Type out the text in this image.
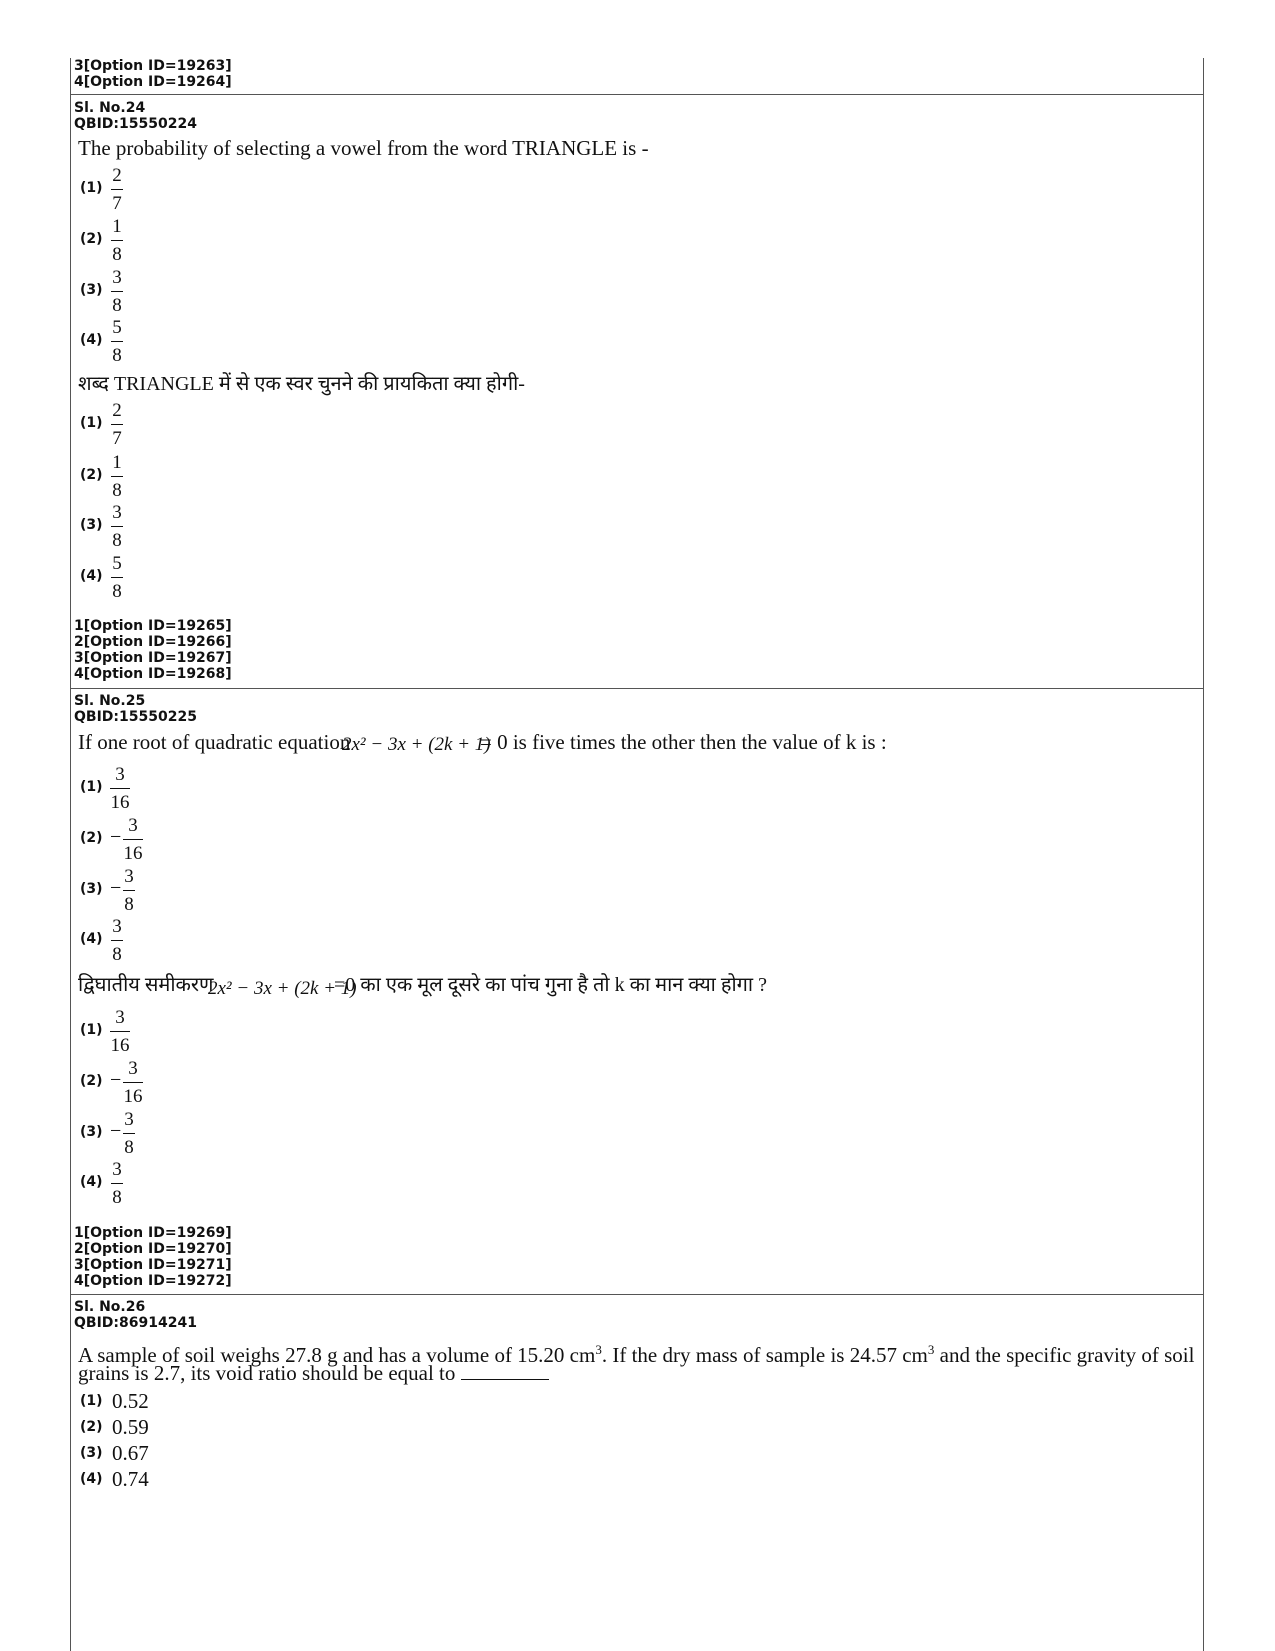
3[Option ID=19263]
4[Option ID=19264]
Sl. No.24
QBID:15550224
The probability of selecting a vowel from the word TRIANGLE is -
(1)
2
7
(2)
1
8
(3)
3
8
(4)
5
8
शब्द TRIANGLE में से एक स्वर चुनने की प्रायकिता क्या होगी-
(1)
2
7
(2)
1
8
(3)
3
8
(4)
5
8
1[Option ID=19265]
2[Option ID=19266]
3[Option ID=19267]
4[Option ID=19268]
Sl. No.25
QBID:15550225
If one root of quadratic equation
2x² − 3x + (2k + 1)
= 0 is five times the other then the value of k is :
(1)
3
16
(2) −
3
16
(3) −
3
8
(4)
3
8
द्विघातीय समीकरण
2x² − 3x + (2k + 1)
=0 का एक मूल दूसरे का पांच गुना है तो k का मान क्या होगा ?
(1)
3
16
(2) −
3
16
(3) −
3
8
(4)
3
8
1[Option ID=19269]
2[Option ID=19270]
3[Option ID=19271]
4[Option ID=19272]
Sl. No.26
QBID:86914241
A sample of soil weighs 27.8 g and has a volume of 15.20 $cm^3$. If the dry mass of sample is 24.57 $cm^3$ and the specific gravity of soil
grains is 2.7, its void ratio should be equal to
(1) 0.52
(2) 0.59
(3) 0.67
(4) 0.74
